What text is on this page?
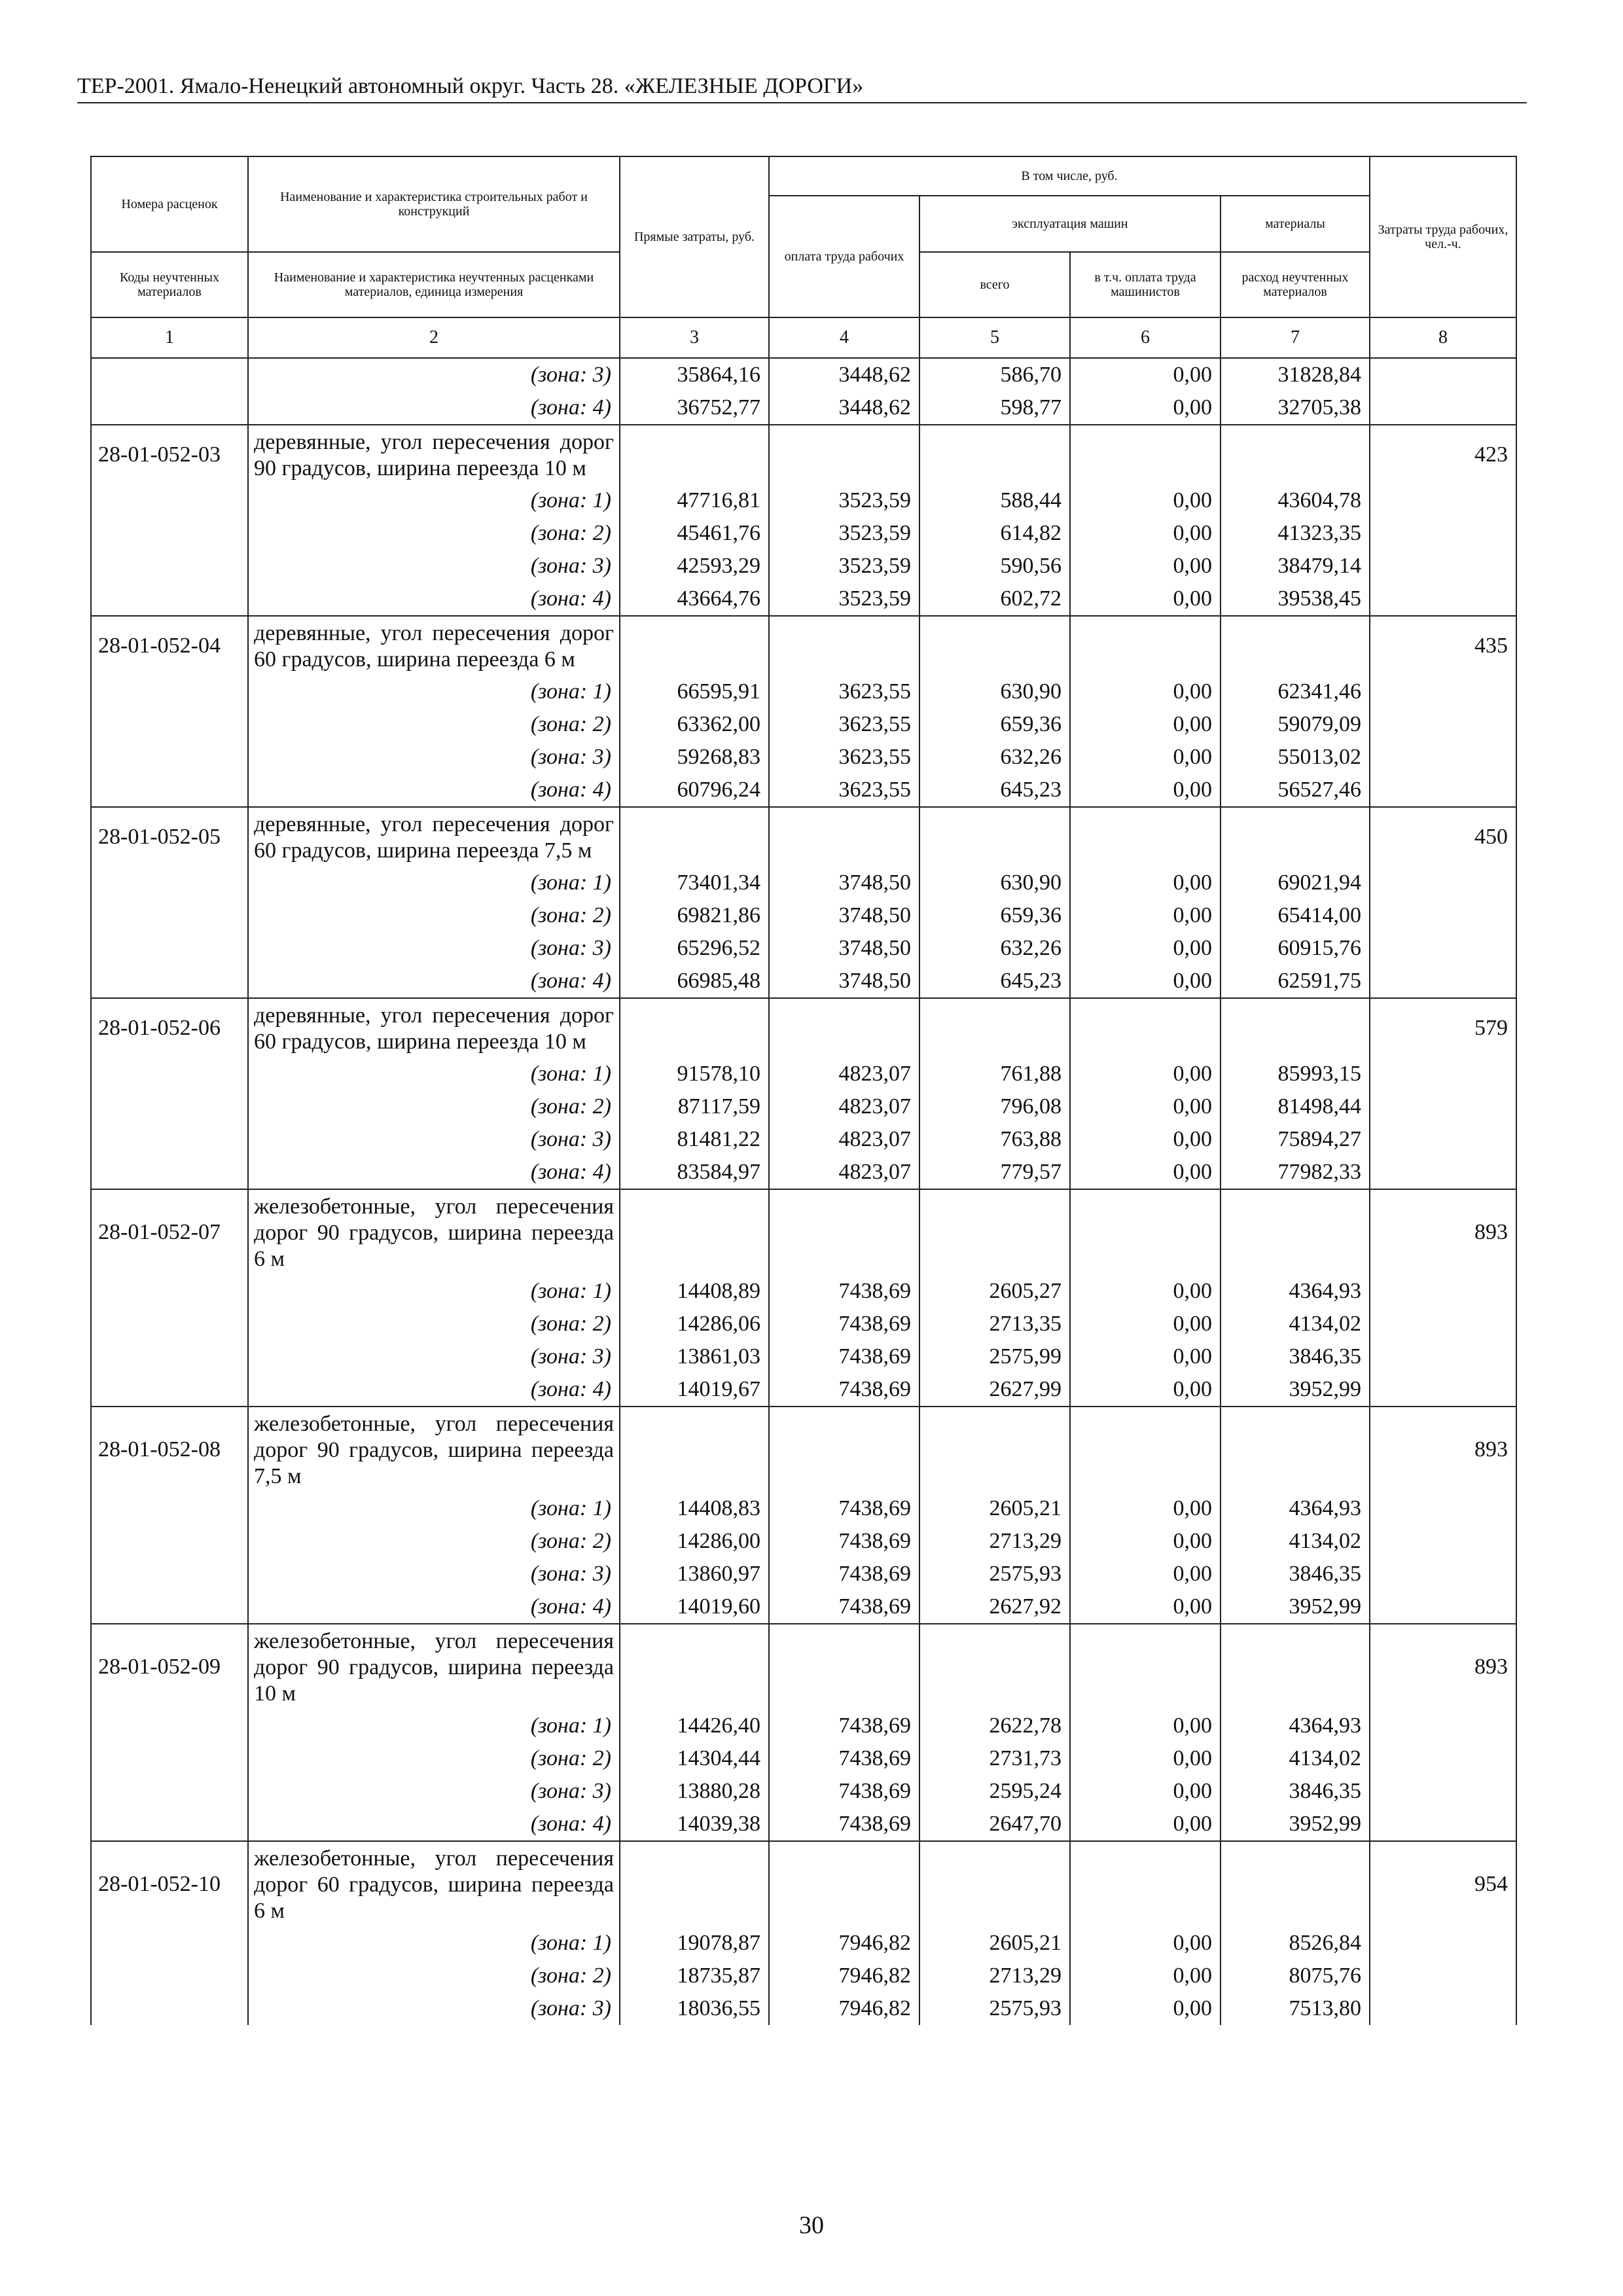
ТЕР-2001. Ямало-Ненецкий автономный округ. Часть 28. «ЖЕЛЕЗНЫЕ ДОРОГИ»
Номера расценок	Наименование и характеристика строительных работ и конструкций	Прямые затраты, руб.	В том числе, руб.				Затраты труда рабочих, чел.-ч.
			оплата труда рабочих	эксплуатация машин		материалы	
Коды неучтенных материалов	Наименование и характеристика неучтенных расценками материалов, единица измерения			всего	в т.ч. оплата труда машинистов	расход неучтенных материалов	
1	2	3	4	5	6	7	8
	(зона: 3)	35864,16	3448,62	586,70	0,00	31828,84	
	(зона: 4)	36752,77	3448,62	598,77	0,00	32705,38	
28-01-052-03	деревянные, угол пересечения дорог 90 градусов, ширина переезда 10 м						423
	(зона: 1)	47716,81	3523,59	588,44	0,00	43604,78	
	(зона: 2)	45461,76	3523,59	614,82	0,00	41323,35	
	(зона: 3)	42593,29	3523,59	590,56	0,00	38479,14	
	(зона: 4)	43664,76	3523,59	602,72	0,00	39538,45	
28-01-052-04	деревянные, угол пересечения дорог 60 градусов, ширина переезда 6 м						435
	(зона: 1)	66595,91	3623,55	630,90	0,00	62341,46	
	(зона: 2)	63362,00	3623,55	659,36	0,00	59079,09	
	(зона: 3)	59268,83	3623,55	632,26	0,00	55013,02	
	(зона: 4)	60796,24	3623,55	645,23	0,00	56527,46	
28-01-052-05	деревянные, угол пересечения дорог 60 градусов, ширина переезда 7,5 м						450
	(зона: 1)	73401,34	3748,50	630,90	0,00	69021,94	
	(зона: 2)	69821,86	3748,50	659,36	0,00	65414,00	
	(зона: 3)	65296,52	3748,50	632,26	0,00	60915,76	
	(зона: 4)	66985,48	3748,50	645,23	0,00	62591,75	
28-01-052-06	деревянные, угол пересечения дорог 60 градусов, ширина переезда 10 м						579
	(зона: 1)	91578,10	4823,07	761,88	0,00	85993,15	
	(зона: 2)	87117,59	4823,07	796,08	0,00	81498,44	
	(зона: 3)	81481,22	4823,07	763,88	0,00	75894,27	
	(зона: 4)	83584,97	4823,07	779,57	0,00	77982,33	
28-01-052-07	железобетонные, угол пересечения дорог 90 градусов, ширина переезда 6 м						893
	(зона: 1)	14408,89	7438,69	2605,27	0,00	4364,93	
	(зона: 2)	14286,06	7438,69	2713,35	0,00	4134,02	
	(зона: 3)	13861,03	7438,69	2575,99	0,00	3846,35	
	(зона: 4)	14019,67	7438,69	2627,99	0,00	3952,99	
28-01-052-08	железобетонные, угол пересечения дорог 90 градусов, ширина переезда 7,5 м						893
	(зона: 1)	14408,83	7438,69	2605,21	0,00	4364,93	
	(зона: 2)	14286,00	7438,69	2713,29	0,00	4134,02	
	(зона: 3)	13860,97	7438,69	2575,93	0,00	3846,35	
	(зона: 4)	14019,60	7438,69	2627,92	0,00	3952,99	
28-01-052-09	железобетонные, угол пересечения дорог 90 градусов, ширина переезда 10 м						893
	(зона: 1)	14426,40	7438,69	2622,78	0,00	4364,93	
	(зона: 2)	14304,44	7438,69	2731,73	0,00	4134,02	
	(зона: 3)	13880,28	7438,69	2595,24	0,00	3846,35	
	(зона: 4)	14039,38	7438,69	2647,70	0,00	3952,99	
28-01-052-10	железобетонные, угол пересечения дорог 60 градусов, ширина переезда 6 м						954
	(зона: 1)	19078,87	7946,82	2605,21	0,00	8526,84	
	(зона: 2)	18735,87	7946,82	2713,29	0,00	8075,76	
	(зона: 3)	18036,55	7946,82	2575,93	0,00	7513,80	
30
